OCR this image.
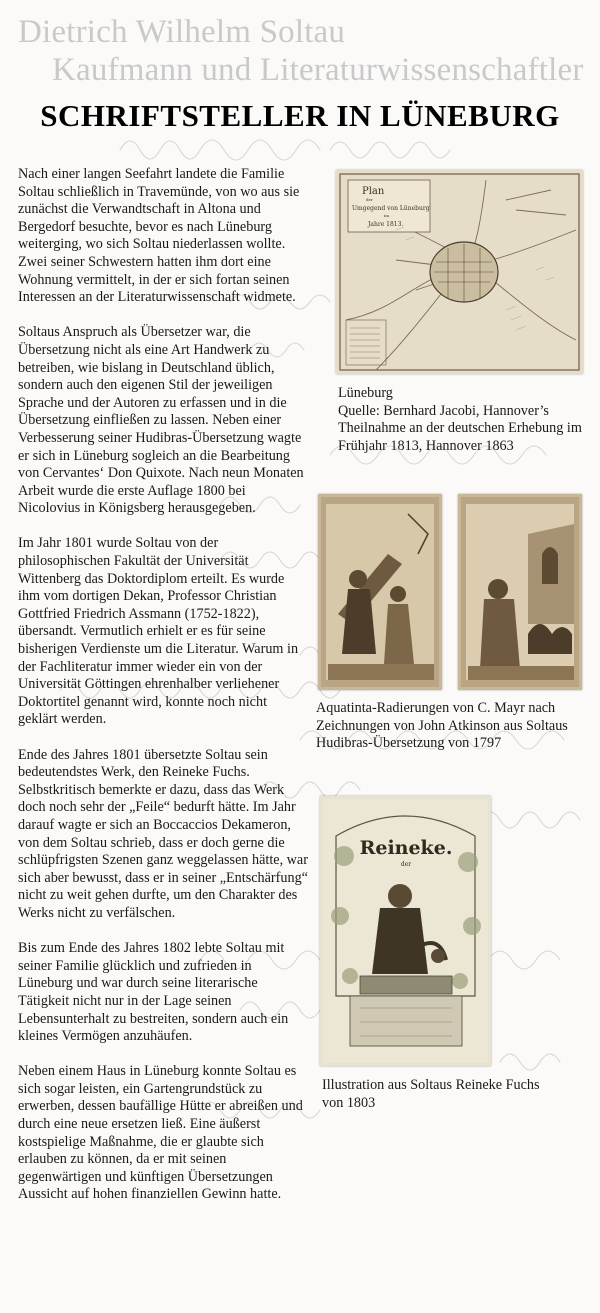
Dietrich Wilhelm Soltau
Kaufmann und Literaturwissenschaftler
SCHRIFTSTELLER IN LÜNEBURG

Nach einer langen Seefahrt landete die Familie Soltau schließlich in Travemünde, von wo aus sie zunächst die Verwandtschaft in Altona und Bergedorf besuchte, bevor es nach Lüneburg weiterging, wo sich Soltau niederlassen wollte. Zwei seiner Schwestern hatten ihm dort eine Wohnung vermittelt, in der er sich fortan seinen Interessen an der Literaturwissenschaft widmete.

Soltaus Anspruch als Übersetzer war, die Übersetzung nicht als eine Art Handwerk zu betreiben, wie bislang in Deutschland üblich, sondern auch den eigenen Stil der jeweiligen Sprache und der Autoren zu erfassen und in die Übersetzung einfließen zu lassen. Neben einer Verbesserung seiner Hudibras-Übersetzung wagte er sich in Lüneburg sogleich an die Bearbeitung von Cervantes‘ Don Quixote. Nach neun Monaten Arbeit wurde die erste Auflage 1800 bei Nicolovius in Königsberg herausgegeben.

Im Jahr 1801 wurde Soltau von der philosophischen Fakultät der Universität Wittenberg das Doktordiplom erteilt. Es wurde ihm vom dortigen Dekan, Professor Christian Gottfried Friedrich Assmann (1752-1822), übersandt. Vermutlich erhielt er es für seine bisherigen Verdienste um die Literatur. Warum in der Fachliteratur immer wieder ein von der Universität Göttingen ehrenhalber verliehener Doktortitel genannt wird, konnte noch nicht geklärt werden.

Ende des Jahres 1801 übersetzte Soltau sein bedeutendstes Werk, den Reineke Fuchs. Selbstkritisch bemerkte er dazu, dass das Werk doch noch sehr der „Feile“ bedurft hätte. Im Jahr darauf wagte er sich an Boccaccios Dekameron, von dem Soltau schrieb, dass er doch gerne die schlüpfrigsten Szenen ganz weggelassen hätte, war sich aber bewusst, dass er in seiner „Entschärfung“ nicht zu weit gehen durfte, um den Charakter des Werks nicht zu verfälschen.

Bis zum Ende des Jahres 1802 lebte Soltau mit seiner Familie glücklich und zufrieden in Lüneburg und war durch seine literarische Tätigkeit nicht nur in der Lage seinen Lebensunterhalt zu bestreiten, sondern auch ein kleines Vermögen anzuhäufen.

Neben einem Haus in Lüneburg konnte Soltau es sich sogar leisten, ein Gartengrundstück zu erwerben, dessen baufällige Hütte er abreißen und durch eine neue ersetzen ließ. Eine äußerst kostspielige Maßnahme, die er glaubte sich erlauben zu können, da er mit seinen gegenwärtigen und künftigen Übersetzungen Aussicht auf hohen finanziellen Gewinn hatte.

Plan
der
Umgegend von Lüneburg
im
Jahre 1813.
Lüneburg
Quelle: Bernhard Jacobi, Hannover’s Theilnahme an der deutschen Erhebung im Frühjahr 1813, Hannover 1863
Aquatinta-Radierungen von C. Mayr nach Zeichnungen von John Atkinson aus Soltaus Hudibras-Übersetzung von 1797
Reineke.
der
Illustration aus Soltaus Reineke Fuchs von 1803
